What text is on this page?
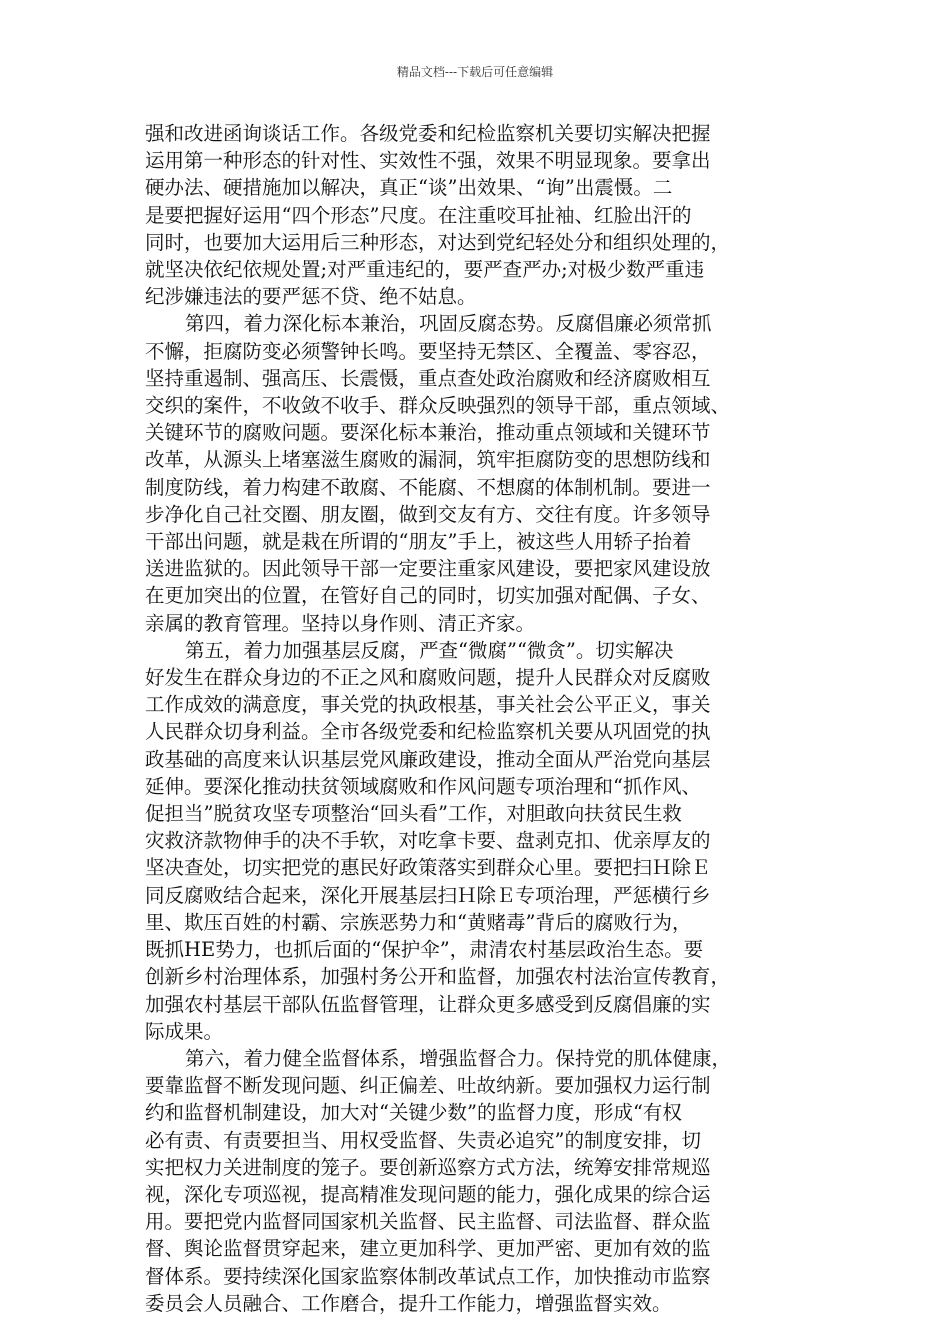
精品文档---下载后可任意编辑

强和改进函询谈话工作。各级党委和纪检监察机关要切实解决把握
运用第一种形态的针对性、实效性不强，效果不明显现象。要拿出
硬办法、硬措施加以解决，真正“谈”出效果、“询”出震慑。二
是要把握好运用“四个形态”尺度。在注重咬耳扯袖、红脸出汗的
同时，也要加大运用后三种形态，对达到党纪轻处分和组织处理的，
就坚决依纪依规处置;对严重违纪的，要严查严办;对极少数严重违
纪涉嫌违法的要严惩不贷、绝不姑息。

第四，着力深化标本兼治，巩固反腐态势。反腐倡廉必须常抓
不懈，拒腐防变必须警钟长鸣。要坚持无禁区、全覆盖、零容忍，
坚持重遏制、强高压、长震慑，重点查处政治腐败和经济腐败相互
交织的案件，不收敛不收手、群众反映强烈的领导干部，重点领域、
关键环节的腐败问题。要深化标本兼治，推动重点领域和关键环节
改革，从源头上堵塞滋生腐败的漏洞，筑牢拒腐防变的思想防线和
制度防线，着力构建不敢腐、不能腐、不想腐的体制机制。要进一
步净化自己社交圈、朋友圈，做到交友有方、交往有度。许多领导
干部出问题，就是栽在所谓的“朋友”手上，被这些人用轿子抬着
送进监狱的。因此领导干部一定要注重家风建设，要把家风建设放
在更加突出的位置，在管好自己的同时，切实加强对配偶、子女、
亲属的教育管理。坚持以身作则、清正齐家。

第五，着力加强基层反腐，严查“微腐”“微贪”。切实解决
好发生在群众身边的不正之风和腐败问题，提升人民群众对反腐败
工作成效的满意度，事关党的执政根基，事关社会公平正义，事关
人民群众切身利益。全市各级党委和纪检监察机关要从巩固党的执
政基础的高度来认识基层党风廉政建设，推动全面从严治党向基层
延伸。要深化推动扶贫领域腐败和作风问题专项治理和“抓作风、
促担当”脱贫攻坚专项整治“回头看”工作，对胆敢向扶贫民生救
灾救济款物伸手的决不手软，对吃拿卡要、盘剥克扣、优亲厚友的
坚决查处，切实把党的惠民好政策落实到群众心里。要把扫Ｈ除Ｅ
同反腐败结合起来，深化开展基层扫Ｈ除Ｅ专项治理，严惩横行乡
里、欺压百姓的村霸、宗族恶势力和“黄赌毒”背后的腐败行为，
既抓HE势力，也抓后面的“保护伞”，肃清农村基层政治生态。要
创新乡村治理体系，加强村务公开和监督，加强农村法治宣传教育，
加强农村基层干部队伍监督管理，让群众更多感受到反腐倡廉的实
际成果。

第六，着力健全监督体系，增强监督合力。保持党的肌体健康，
要靠监督不断发现问题、纠正偏差、吐故纳新。要加强权力运行制
约和监督机制建设，加大对“关键少数”的监督力度，形成“有权
必有责、有责要担当、用权受监督、失责必追究”的制度安排，切
实把权力关进制度的笼子。要创新巡察方式方法，统筹安排常规巡
视，深化专项巡视，提高精准发现问题的能力，强化成果的综合运
用。要把党内监督同国家机关监督、民主监督、司法监督、群众监
督、舆论监督贯穿起来，建立更加科学、更加严密、更加有效的监
督体系。要持续深化国家监察体制改革试点工作，加快推动市监察
委员会人员融合、工作磨合，提升工作能力，增强监督实效。
